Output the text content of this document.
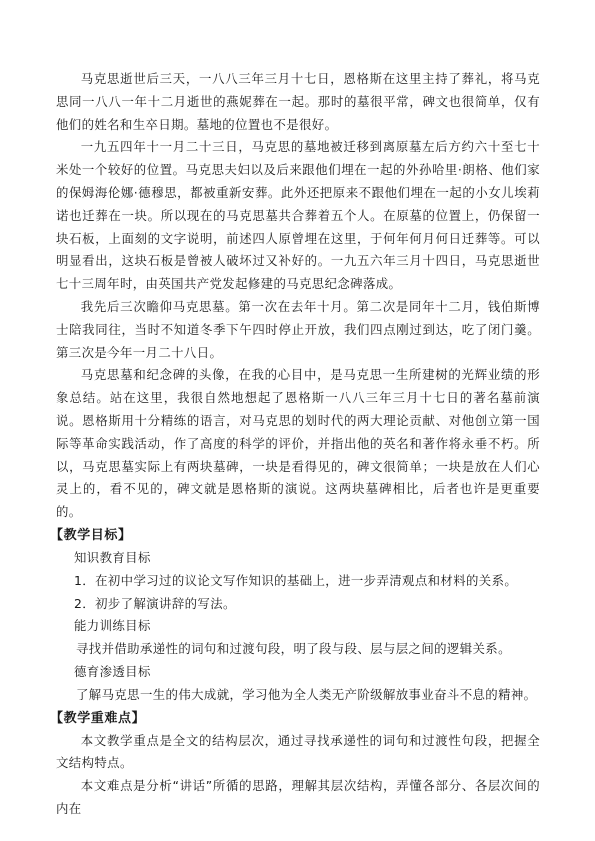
马克思逝世后三天，一八八三年三月十七日，恩格斯在这里主持了葬礼，将马克思同一八八一年十二月逝世的燕妮葬在一起。那时的墓很平常，碑文也很简单，仅有他们的姓名和生卒日期。墓地的位置也不是很好。

一九五四年十一月二十三日，马克思的墓地被迁移到离原墓左后方约六十至七十米处一个较好的位置。马克思夫妇以及后来跟他们埋在一起的外孙哈里·朗格、他们家的保姆海伦娜·德穆思，都被重新安葬。此外还把原来不跟他们埋在一起的小女儿埃莉诺也迁葬在一块。所以现在的马克思墓共合葬着五个人。在原墓的位置上，仍保留一块石板，上面刻的文字说明，前述四人原曾埋在这里，于何年何月何日迁葬等。可以明显看出，这块石板是曾被人破坏过又补好的。一九五六年三月十四日，马克思逝世七十三周年时，由英国共产党发起修建的马克思纪念碑落成。

我先后三次瞻仰马克思墓。第一次在去年十月。第二次是同年十二月，钱伯斯博士陪我同往，当时不知道冬季下午四时停止开放，我们四点刚过到达，吃了闭门羹。第三次是今年一月二十八日。

马克思墓和纪念碑的头像，在我的心目中，是马克思一生所建树的光辉业绩的形象总结。站在这里，我很自然地想起了恩格斯一八八三年三月十七日的著名墓前演说。恩格斯用十分精练的语言，对马克思的划时代的两大理论贡献、对他创立第一国际等革命实践活动，作了高度的科学的评价，并指出他的英名和著作将永垂不朽。所以，马克思墓实际上有两块墓碑，一块是看得见的，碑文很简单；一块是放在人们心灵上的，看不见的，碑文就是恩格斯的演说。这两块墓碑相比，后者也许是更重要的。

【教学目标】

知识教育目标

1．在初中学习过的议论文写作知识的基础上，进一步弄清观点和材料的关系。

2．初步了解演讲辞的写法。

能力训练目标

寻找并借助承递性的词句和过渡句段，明了段与段、层与层之间的逻辑关系。

德育渗透目标

了解马克思一生的伟大成就，学习他为全人类无产阶级解放事业奋斗不息的精神。

【教学重难点】

本文教学重点是全文的结构层次，通过寻找承递性的词句和过渡性句段，把握全文结构特点。

本文难点是分析“讲话”所循的思路，理解其层次结构，弄懂各部分、各层次间的内在
